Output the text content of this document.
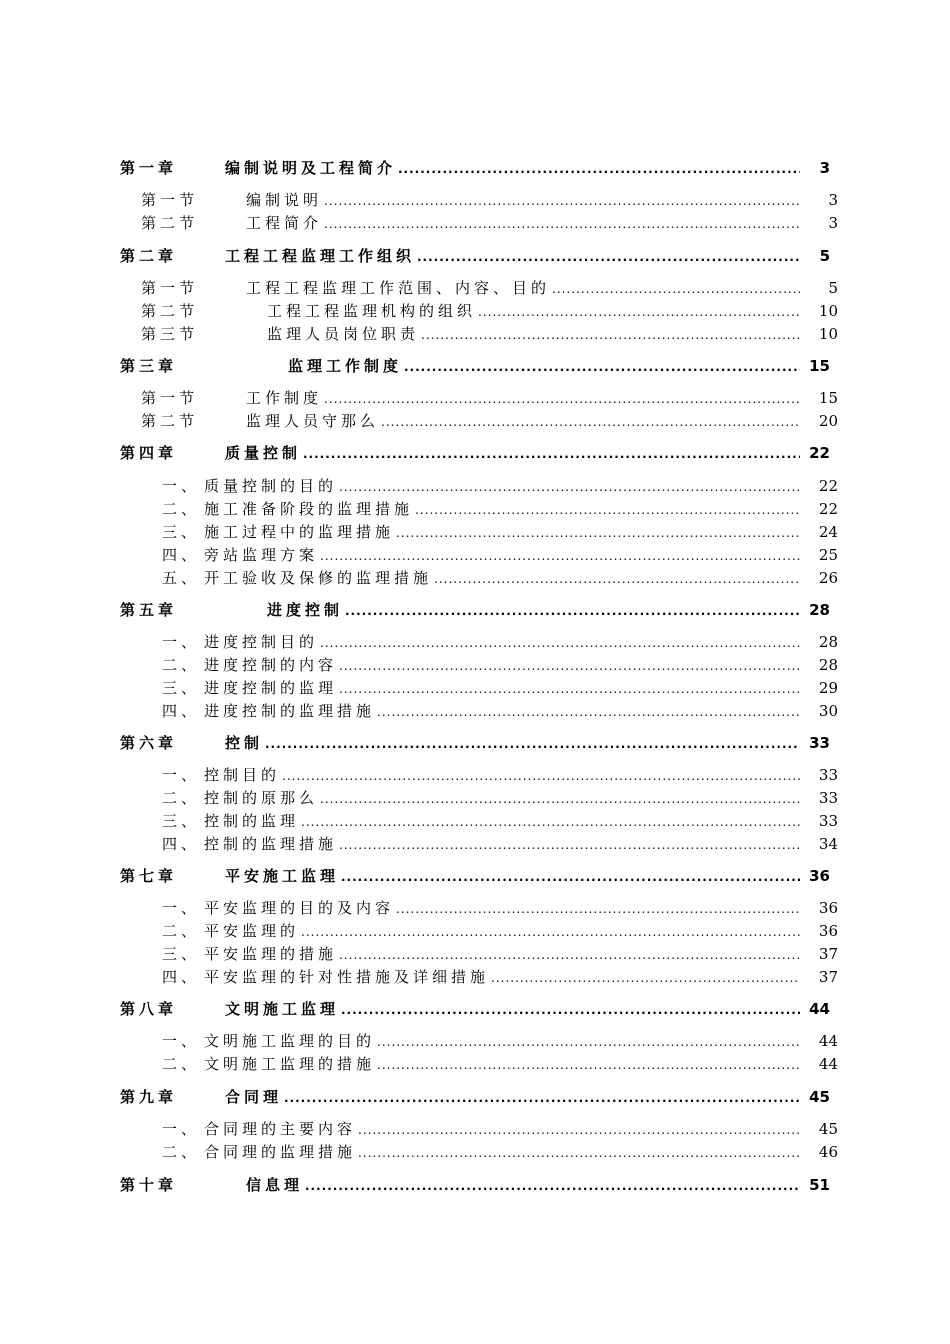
第一章	编制说明及工程简介 .....	3
第一节	编制说明 .....	3
第二节	工程简介 .....	3
第二章	工程工程监理工作组织 .....	5
第一节	工程工程监理工作范围、内容、目的 .....	5
第二节	工程工程监理机构的组织 .....	10
第三节	监理人员岗位职责 .....	10
第三章	监理工作制度 .....	15
第一节	工作制度 .....	15
第二节	监理人员守那么 .....	20
第四章	质量控制 .....	22
一、 质量控制的目的 .....	22
二、 施工准备阶段的监理措施 .....	22
三、 施工过程中的监理措施 .....	24
四、 旁站监理方案 .....	25
五、 开工验收及保修的监理措施 .....	26
第五章	进度控制 .....	28
一、 进度控制目的 .....	28
二、 进度控制的内容 .....	28
三、 进度控制的监理 .....	29
四、 进度控制的监理措施 .....	30
第六章	控制 .....	33
一、 控制目的 .....	33
二、 控制的原那么 .....	33
三、 控制的监理 .....	33
四、 控制的监理措施 .....	34
第七章	平安施工监理 .....	36
一、 平安监理的目的及内容 .....	36
二、 平安监理的 .....	36
三、 平安监理的措施 .....	37
四、 平安监理的针对性措施及详细措施 .....	37
第八章	文明施工监理 .....	44
一、 文明施工监理的目的 .....	44
二、 文明施工监理的措施 .....	44
第九章	合同理 .....	45
一、 合同理的主要内容 .....	45
二、 合同理的监理措施 .....	46
第十章	信息理 .....	51
